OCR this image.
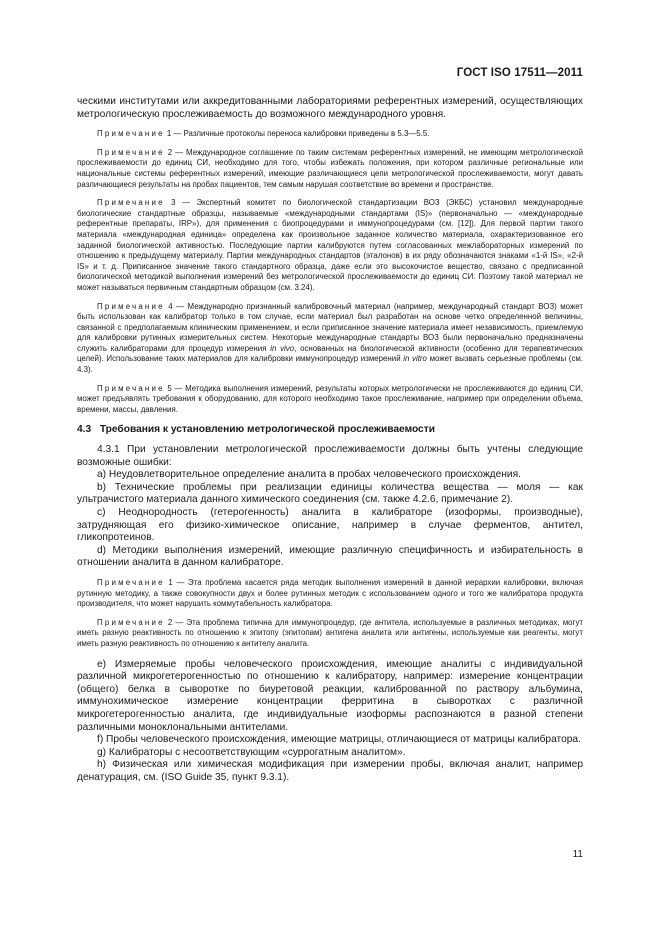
ГОСТ ISO 17511—2011

ческими институтами или аккредитованными лабораториями референтных измерений, осуществляющих метрологическую прослеживаемость до возможного международного уровня.

Примечание 1 — Различные протоколы переноса калибровки приведены в 5.3—5.5.

Примечание 2 — Международное соглашение по таким системам референтных измерений, не имеющим метрологической прослеживаемости до единиц СИ, необходимо для того, чтобы избежать положения, при котором различные региональные или национальные системы референтных измерений, имеющие различающиеся цепи метрологической прослеживаемости, могут давать различающиеся результаты на пробах пациентов, тем самым нарушая соответствие во времени и пространстве.

Примечание 3 — Экспертный комитет по биологической стандартизации ВОЗ (ЭКБС) установил международные биологические стандартные образцы, называемые «международными стандартами (IS)» (первоначально — «международные референтные препараты, IRP»), для применения с биопроцедурами и иммунопроцедурами (см. [12]). Для первой партии такого материала «международная единица» определена как произвольное заданное количество материала, охарактеризованное его заданной биологической активностью. Последующие партии калибруются путем согласованных межлабораторных измерений по отношению к предыдущему материалу. Партии международных стандартов (эталонов) в их ряду обозначаются знаками «1-й IS», «2-й IS» и т. д. Приписанное значение такого стандартного образца, даже если это высокочистое вещество, связано с предписанной биологической методикой выполнения измерений без метрологической прослеживаемости до единиц СИ. Поэтому такой материал не может называться первичным стандартным образцом (см. 3.24).

Примечание 4 — Международно признанный калибровочный материал (например, международный стандарт ВОЗ) может быть использован как калибратор только в том случае, если материал был разработан на основе четко определенной величины, связанной с предполагаемым клиническим применением, и если приписанное значение материала имеет независимость, приемлемую для калибровки рутинных измерительных систем. Некоторые международные стандарты ВОЗ были первоначально предназначены служить калибраторами для процедур измерения in vivo, основанных на биологической активности (особенно для терапевтических целей). Использование таких материалов для калибровки иммунопроцедур измерений in vitro может вызвать серьезные проблемы (см. 4.3).

Примечание 5 — Методика выполнения измерений, результаты которых метрологически не прослеживаются до единиц СИ, может предъявлять требования к оборудованию, для которого необходимо такое прослеживание, например при определении объема, времени, массы, давления.

4.3 Требования к установлению метрологической прослеживаемости

4.3.1 При установлении метрологической прослеживаемости должны быть учтены следующие возможные ошибки:

a) Неудовлетворительное определение аналита в пробах человеческого происхождения.

b) Технические проблемы при реализации единицы количества вещества — моля — как ультрачистого материала данного химического соединения (см. также 4.2.6, примечание 2).

c) Неоднородность (гетерогенность) аналита в калибраторе (изоформы, производные), затрудняющая его физико-химическое описание, например в случае ферментов, антител, гликопротеинов.

d) Методики выполнения измерений, имеющие различную специфичность и избирательность в отношении аналита в данном калибраторе.

Примечание 1 — Эта проблема касается ряда методик выполнения измерений в данной иерархии калибровки, включая рутинную методику, а также совокупности двух и более рутинных методик с использованием одного и того же калибратора продукта производителя, что может нарушить коммутабельность калибратора.

Примечание 2 — Эта проблема типична для иммунопроцедур, где антитела, используемые в различных методиках, могут иметь разную реактивность по отношению к эпитопу (эпитопам) антигена аналита или антигены, используемые как реагенты, могут иметь разную реактивность по отношению к антителу аналита.

e) Измеряемые пробы человеческого происхождения, имеющие аналиты с индивидуальной различной микрогетерогенностью по отношению к калибратору, например: измерение концентрации (общего) белка в сыворотке по биуретовой реакции, калиброванной по раствору альбумина, иммунохимическое измерение концентрации ферритина в сыворотках с различной микрогетерогенностью аналита, где индивидуальные изоформы распознаются в разной степени различными моноклональными антителами.

f) Пробы человеческого происхождения, имеющие матрицы, отличающиеся от матрицы калибратора.

g) Калибраторы с несоответствующим «суррогатным аналитом».

h) Физическая или химическая модификация при измерении пробы, включая аналит, например денатурация, см. (ISO Guide 35, пункт 9.3.1).

11
